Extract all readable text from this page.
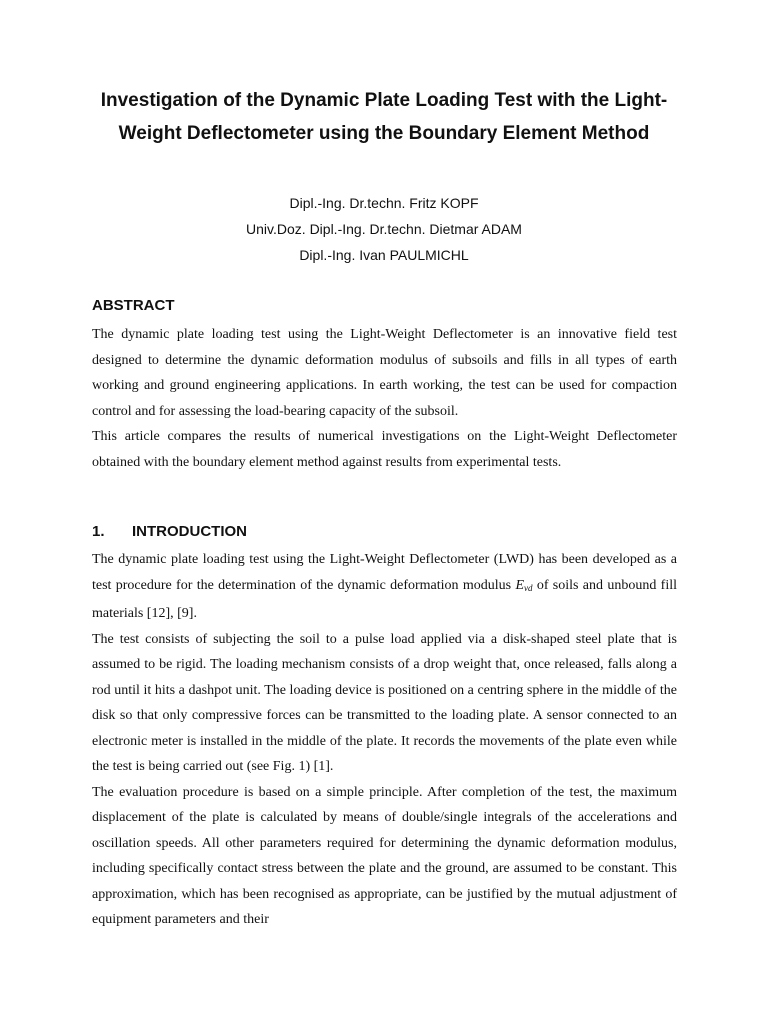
Investigation of the Dynamic Plate Loading Test with the Light-Weight Deflectometer using the Boundary Element Method
Dipl.-Ing. Dr.techn. Fritz KOPF
Univ.Doz. Dipl.-Ing. Dr.techn. Dietmar ADAM
Dipl.-Ing. Ivan PAULMICHL
ABSTRACT

The dynamic plate loading test using the Light-Weight Deflectometer is an innovative field test designed to determine the dynamic deformation modulus of subsoils and fills in all types of earth working and ground engineering applications. In earth working, the test can be used for compaction control and for assessing the load-bearing capacity of the subsoil.

This article compares the results of numerical investigations on the Light-Weight Deflectometer obtained with the boundary element method against results from experimental tests.

1. INTRODUCTION

The dynamic plate loading test using the Light-Weight Deflectometer (LWD) has been developed as a test procedure for the determination of the dynamic deformation modulus $E_{vd}$ of soils and unbound fill materials [12], [9].

The test consists of subjecting the soil to a pulse load applied via a disk-shaped steel plate that is assumed to be rigid. The loading mechanism consists of a drop weight that, once released, falls along a rod until it hits a dashpot unit. The loading device is positioned on a centring sphere in the middle of the disk so that only compressive forces can be transmitted to the loading plate. A sensor connected to an electronic meter is installed in the middle of the plate. It records the movements of the plate even while the test is being carried out (see Fig. 1) [1].

The evaluation procedure is based on a simple principle. After completion of the test, the maximum displacement of the plate is calculated by means of double/single integrals of the accelerations and oscillation speeds. All other parameters required for determining the dynamic deformation modulus, including specifically contact stress between the plate and the ground, are assumed to be constant. This approximation, which has been recognised as appropriate, can be justified by the mutual adjustment of equipment parameters and their
